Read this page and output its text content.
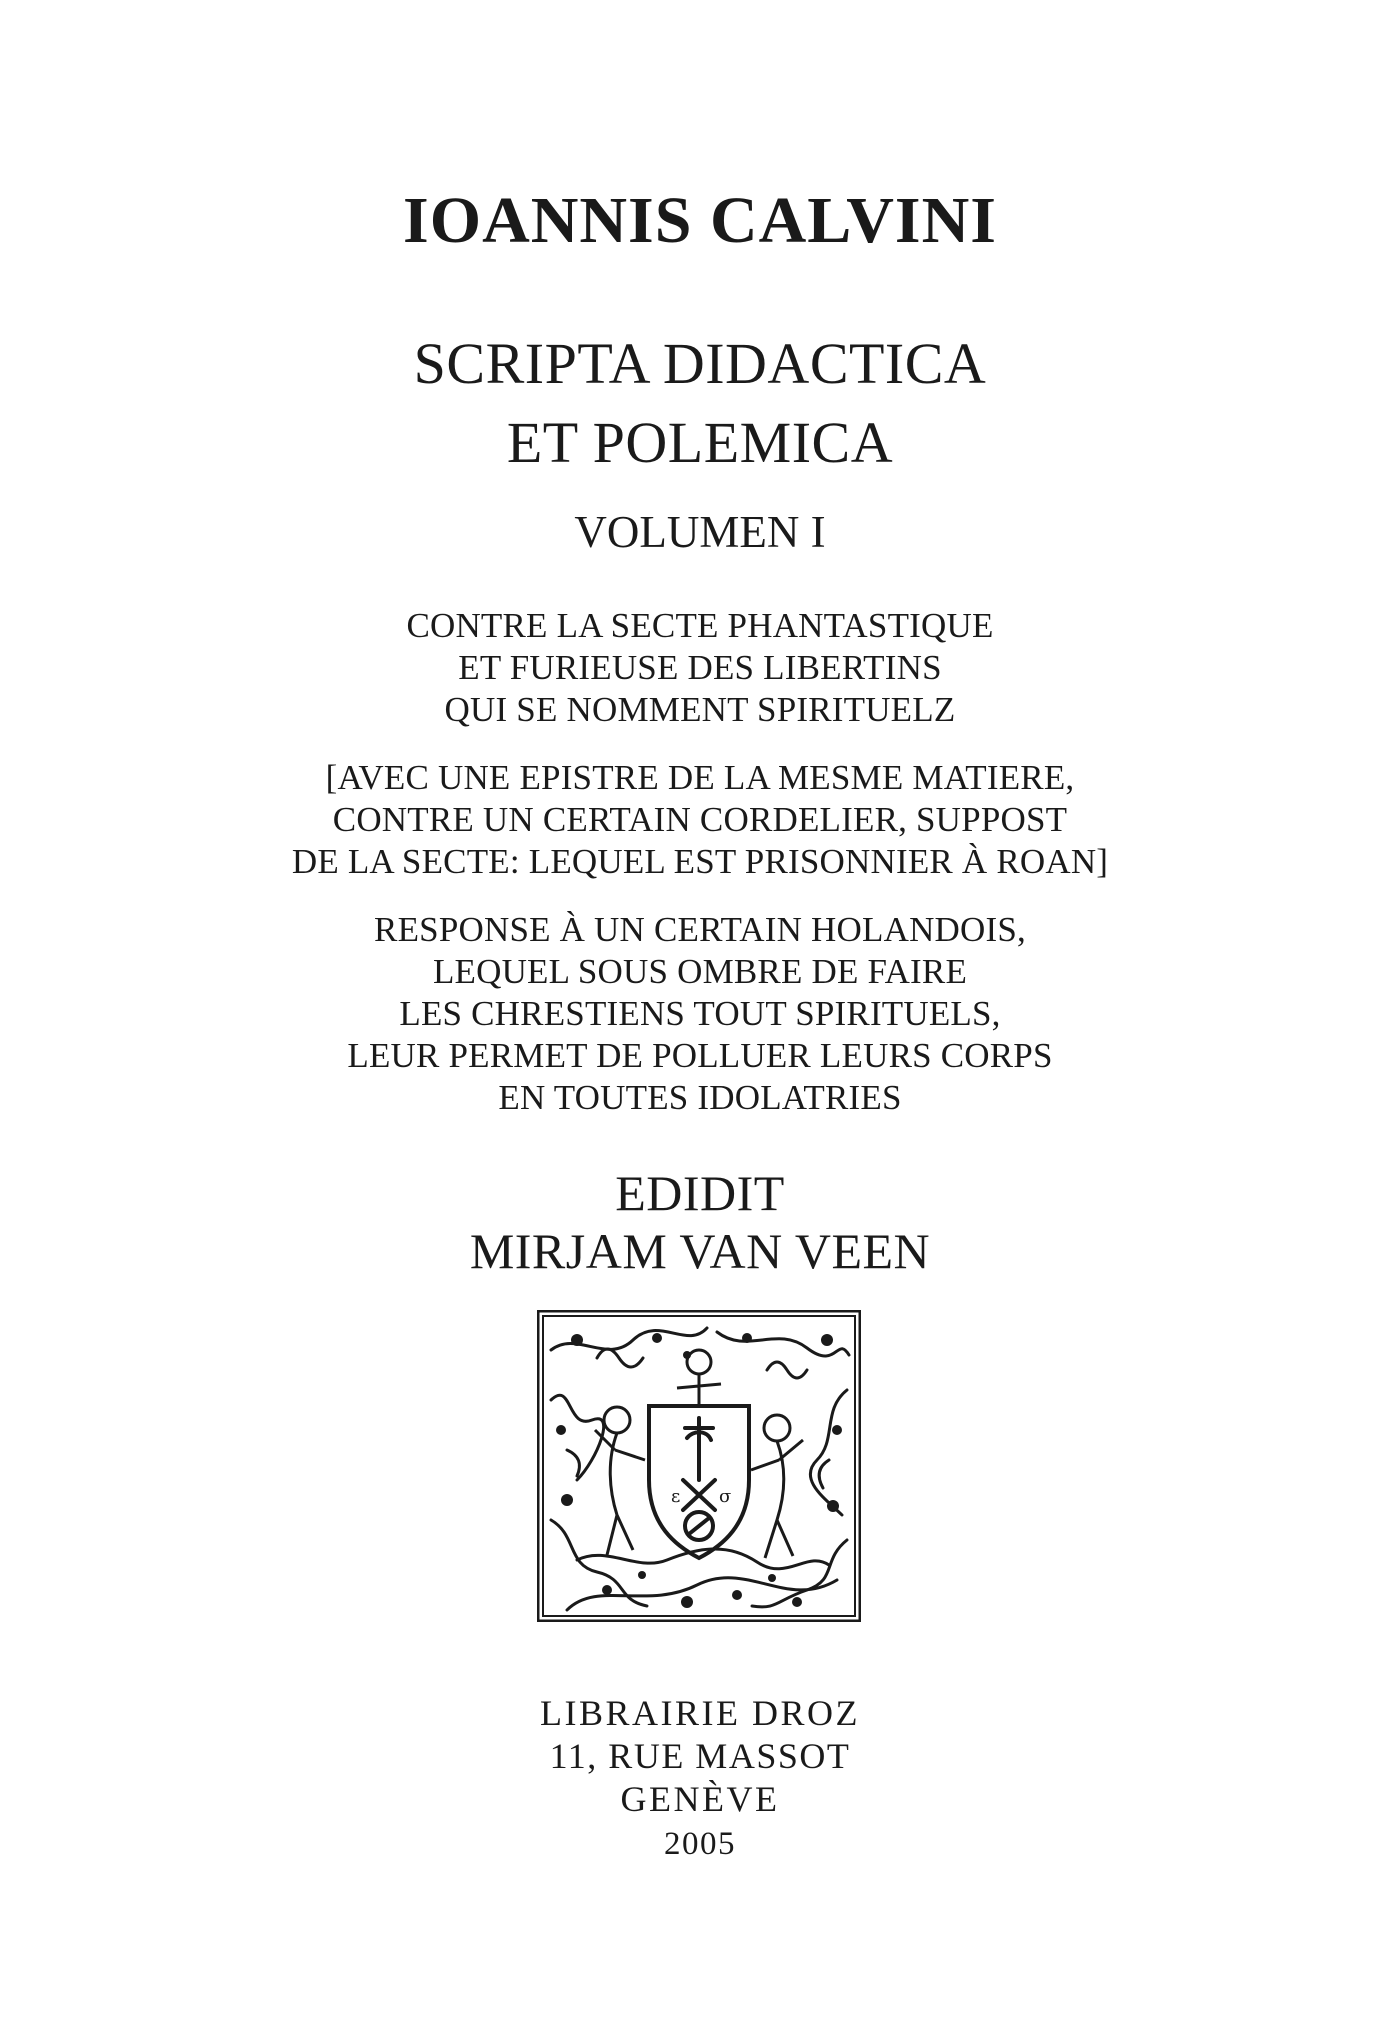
IOANNIS CALVINI
SCRIPTA DIDACTICA
ET POLEMICA
VOLUMEN I
CONTRE LA SECTE PHANTASTIQUE
ET FURIEUSE DES LIBERTINS
QUI SE NOMMENT SPIRITUELZ
[AVEC UNE EPISTRE DE LA MESME MATIERE,
CONTRE UN CERTAIN CORDELIER, SUPPOST
DE LA SECTE: LEQUEL EST PRISONNIER À ROAN]
RESPONSE À UN CERTAIN HOLANDOIS,
LEQUEL SOUS OMBRE DE FAIRE
LES CHRESTIENS TOUT SPIRITUELS,
LEUR PERMET DE POLLUER LEURS CORPS
EN TOUTES IDOLATRIES
EDIDIT
MIRJAM VAN VEEN
ε σ
LIBRAIRIE DROZ
11, RUE MASSOT
GENÈVE
2005
